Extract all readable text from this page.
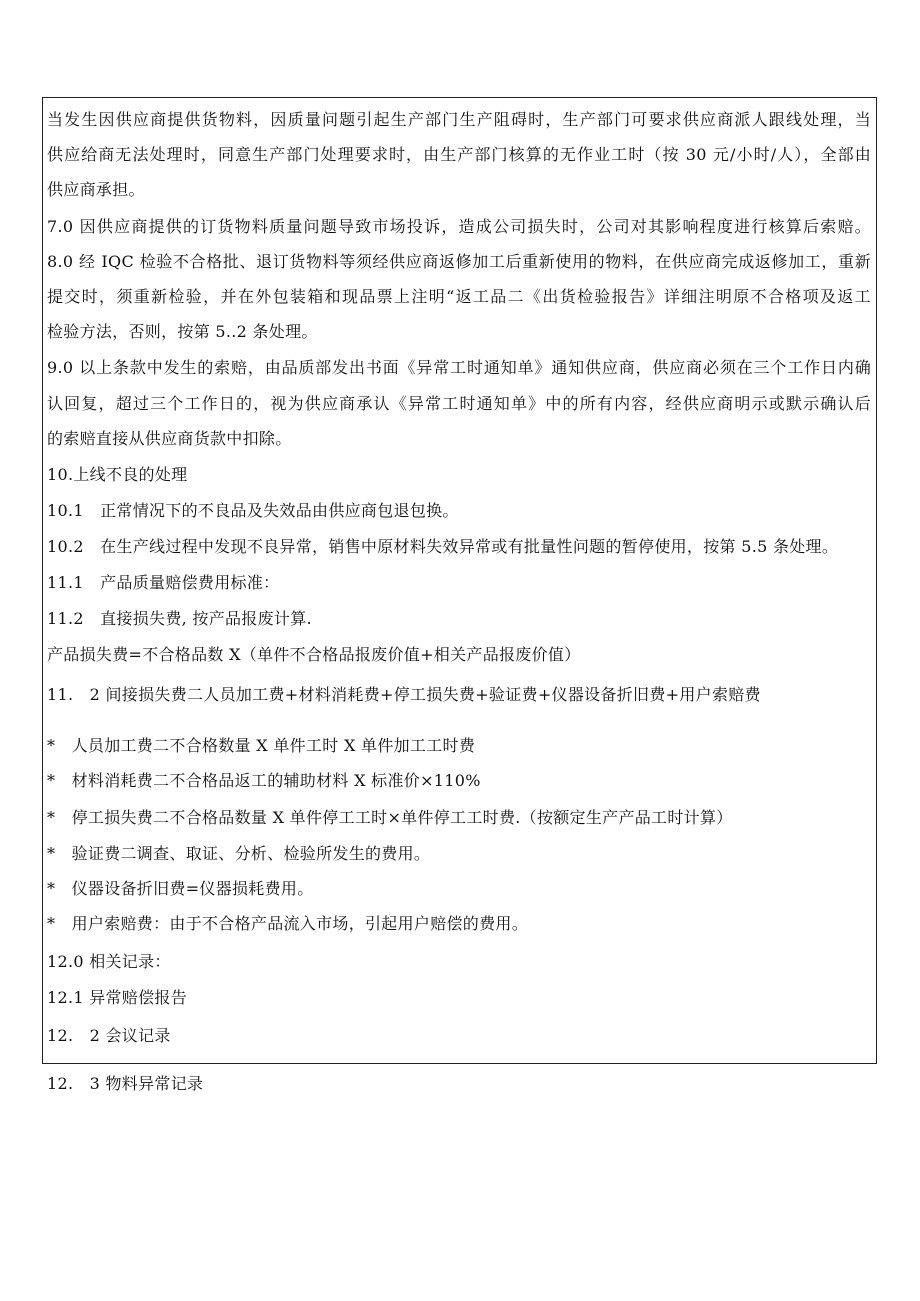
当发生因供应商提供货物料，因质量问题引起生产部门生产阻碍时，生产部门可要求供应商派人跟线处理，当
供应给商无法处理时，同意生产部门处理要求时，由生产部门核算的无作业工时（按 30 元/小时/人），全部由
供应商承担。
7.0 因供应商提供的订货物料质量问题导致市场投诉，造成公司损失时，公司对其影响程度进行核算后索赔。
8.0 经 IQC 检验不合格批、退订货物料等须经供应商返修加工后重新使用的物料，在供应商完成返修加工，重新
提交时，须重新检验，并在外包装箱和现品票上注明“返工品二《出货检验报告》详细注明原不合格项及返工
检验方法，否则，按第 5..2 条处理。
9.0 以上条款中发生的索赔，由品质部发出书面《异常工时通知单》通知供应商，供应商必须在三个工作日内确
认回复，超过三个工作日的，视为供应商承认《异常工时通知单》中的所有内容，经供应商明示或默示确认后
的索赔直接从供应商货款中扣除。
10.上线不良的处理
10.1　正常情况下的不良品及失效品由供应商包退包换。
10.2　在生产线过程中发现不良异常，销售中原材料失效异常或有批量性问题的暂停使用，按第 5.5 条处理。
11.1　产品质量赔偿费用标准：
11.2　直接损失费, 按产品报废计算.
产品损失费=不合格品数 X（单件不合格品报废价值+相关产品报废价值）
11.　2 间接损失费二人员加工费+材料消耗费+停工损失费+验证费+仪器设备折旧费+用户索赔费
*　人员加工费二不合格数量 X 单件工时 X 单件加工工时费
*　材料消耗费二不合格品返工的辅助材料 X 标准价×110%
*　停工损失费二不合格品数量 X 单件停工工时×单件停工工时费.（按额定生产产品工时计算）
*　验证费二调查、取证、分析、检验所发生的费用。
*　仪器设备折旧费=仪器损耗费用。
*　用户索赔费：由于不合格产品流入市场，引起用户赔偿的费用。
12.0 相关记录：
12.1 异常赔偿报告
12.　2 会议记录
12.　3 物料异常记录
